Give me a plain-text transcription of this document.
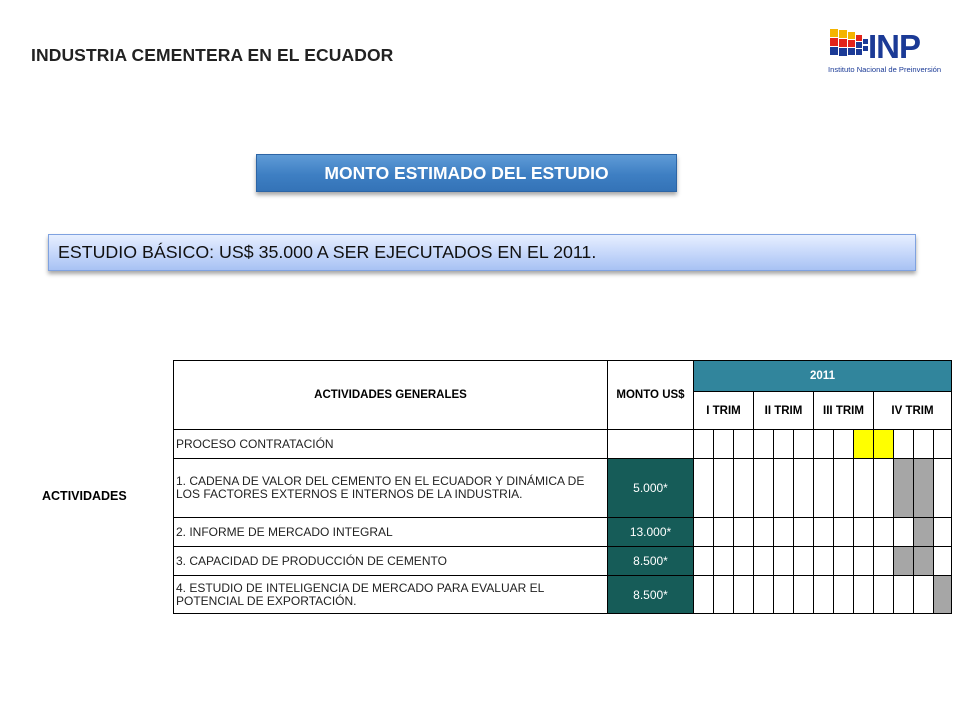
INDUSTRIA CEMENTERA EN EL ECUADOR	INP
Instituto Nacional de Preinversión
MONTO ESTIMADO DEL ESTUDIO
ESTUDIO BÁSICO: US$ 35.000 A SER EJECUTADOS EN EL 2011.
ACTIVIDADES
ACTIVIDADES GENERALES	MONTO US$	2011												
		I TRIM			II TRIM			III TRIM			IV TRIM			
PROCESO CONTRATACIÓN														
1. CADENA DE VALOR DEL CEMENTO EN EL ECUADOR Y DINÁMICA DE LOS FACTORES EXTERNOS E INTERNOS DE LA INDUSTRIA.	5.000*													
2. INFORME DE MERCADO INTEGRAL	13.000*													
3. CAPACIDAD DE PRODUCCIÓN DE CEMENTO	8.500*													
4. ESTUDIO DE INTELIGENCIA DE MERCADO PARA EVALUAR EL POTENCIAL DE EXPORTACIÓN.	8.500*													
